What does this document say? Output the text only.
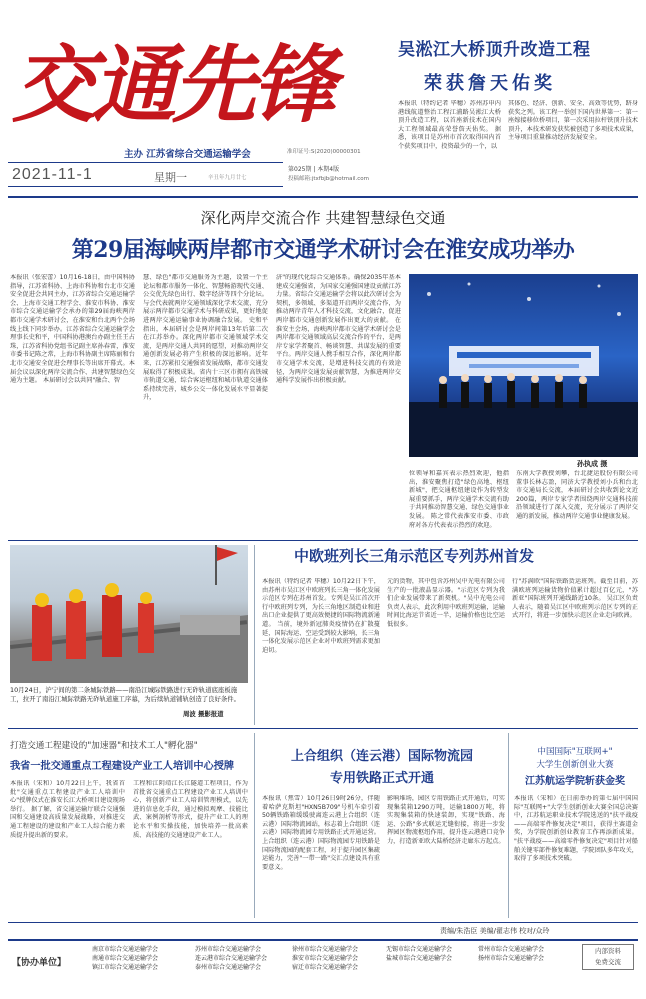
交通先锋
主办 江苏省综合交通运输学会	准印证号:S(2020)00000301
第025期 | 本期4版
投稿邮箱:jtxfbjb@hotmail.com
2021-11-1	星期一	辛丑年九月廿七
吴淞江大桥顶升改造工程
荣获詹天佑奖
本报讯（特约记者 毕穗）苏州苏申内港线航道整治工程江浦路吴淞江大桥顶升改造工程，以首座新技术在国内大工程领域最高荣誉詹天佑奖。 据悉，该项目是苏州市首次取得国内首个获奖项目中，投资最少的一个，以
其体色、经济、创新、安全、高效等优势，跻身获奖之列。该工程一举创下国内世界第一：第一座嫁接移位桥项目，第一次采用拉杆铁顶升技术顶升，本技术研发获奖被创造了多项技术成果，主导项目重量推动经济发展安全。
深化两岸交流合作 共建智慧绿色交通
第29届海峡两岸都市交通学术研讨会在淮安成功举办
本报讯（张宏蕾）10月16-18日，由中国科协指导，江苏省科协、上海市科协和台北市交通安全促进会共同主办，江苏省综合交通运输学会、上海市交通工程学会、淮安市科协、淮安市综合交通运输学会承办的第29届海峡两岸都市交通学术研讨会，在淮安和台北两个会场线上线下同步举办。江苏省综合交通运输学会理事长史和平，中国科协港澳台办副主任王占珠，江苏省科协党组书记副主席孙春雷，淮安市委书记陈之常，上海市科协副主席陈丽和台北市交通安全促进会理事长等出席开幕式。本届会议以深化两岸交流合作、共建智慧绿色交通为主题。 本届研讨会以共同"融合、智
慧、绿色"都市交通服务为主题，设置一个主论坛和都市服务一体化、智慧畅游现代交通、公交优先绿色出行、数字经济等四个分论坛。与会代表就两岸交通领域深化学术交流，充分展示两岸都市交通学术与科研成果，更好地促进两岸交通运输事业协调融合发展。 史和平指出，本届研讨会是两岸间第13年后第二次在江苏举办。深化两岸都市交通领域学术交流，是两岸交通人共同的愿望，对推动两岸交通创新发展必将产生积极的深远影响。近年来，江苏紧扣交通强省发展战略，都市交通发展取得了积极成果。省内十三区市拥有高铁城市轨道交通，综合客运枢纽和城市轨道交通体系持续完善，城乡公交一体化发展水平显著提升，
济"的现代化综合交通体系。确保2035年基本建成交通强省，为国家交通强国建设贡献江苏力量。省综合交通运输学会将以此次研讨会为契机，多领域、多渠道开启两岸交流合作，为推动两岸青年人才科技交流，文化融合，促进两岸都市交通创新发展作出更大的贡献。 在淮安主会场，海峡两岸都市交通学术研讨会是两岸都市交通领域高层交流合作的平台，是两岸专家学者聚首、畅谈智慧、共谋发展的重要平台。两岸交通人携手相互合作，深化两岸都市交通学术交流，是增进科技交流的有效途径，为两岸交通发展贡献智慧，为推进两岸交通科学发展作出积极贡献。
孙执成 摄
位领导和嘉宾表示热烈欢迎，他指出，淮安聚焦打造"绿色高地、枢纽新城"，把交通枢纽建设作为转型发展重要抓手，两岸交通学术交流有助于共同推动智慧交通、绿色交通事业发展。 陈之常代表淮安市委、市政府对各方代表表示热烈的欢迎。
东南大学教授刘攀，台北捷运股份有限公司董事长林志盈，同济大学教授刘小兵和台北市交通局长交流，本届研讨会共收到论文近200篇，两岸专家学者围绕两岸交通科技前沿领域进行了深入交流，充分展示了两岸交通的新发展，推动两岸交通事业健康发展。
10月24日，沪宁间的第二条城际铁路——南沿江城际铁路进行无砟轨道底座板施工，拉开了南沿江城际铁路无砟轨道施工序幕，为后续轨道铺轨创造了良好条件。
周波 摄影报道
中欧班列长三角示范区专列苏州首发
本报讯（特约记者 毕穗）10月22日下午，由苏州市吴江区中欧班列长三角一体化发展示范区专列在苏州首发。专列是吴江首次开行中欧班列专列，为长三角地区制造业和进出口企业提供了更高效便捷的国际物流新通道。 当前，境外新冠肺炎疫情仍在扩散蔓延，国际海运、空运受到较大影响，长三角一体化发展示范区企业对中欧班列需求更加迫切。
元的货物，其中包含苏州吴中光电有限公司生产的一批液晶显示器。"示范区专列为我们企业发展带来了新契机。"吴中光电公司负责人表示，此次利用中欧班列运输，运输时间比海运节省近一半，运输价格也比空运低很多。
行"苏满欧"国际铁路货运班列。截至目前，苏满欧班列运输货物价值累计超过百亿元，"苏新亚"国际班列开通线路近10条。 吴江区负责人表示，随着吴江区中欧班列示范区专列的正式开行，将进一步加快示范区企业走向欧洲。
打造交通工程建设的"加速器"和技术工人"孵化器"
我省一批交通重点工程建设产业工人培训中心授牌
本报讯（宋和）10月22日上午，我省首批"交通重点工程建设产业工人培训中心"授牌仪式在淮安长江大桥项目建设现场举行。 据了解，省交通运输厅联合交通强国和交通建设高质量发展战略，对推进交通工程建设的建设和产业工人综合能力素质提升提出新的要求。
工程和江阴靖江长江隧道工程项目，作为首批省交通重点工程建设产业工人培训中心，将创新产业工人培训管理模式，以先进的信息化手段，通过模拟观摩、技能比武、案例剖析等形式，提升产业工人的理论水平和实操技能，加快培养一批高素质、高技能的交通建设产业工人。
上合组织（连云港）国际物流园
专用铁路正式开通
本报讯（焦雪）10月26日9时26分，伴随着哈萨克斯坦"HXN5B709"号机车牵引着50辆铁路箱缓缓驶离连云港上合组织（连云港）国际物流园站，标志着上合组织（连云港）国际物流园专用铁路正式开通运营。 上合组织（连云港）国际物流园专用铁路是国际物流园的配套工程，对于提升园区集疏运能力，完善"一带一路"交汇点建设具有重要意义。
影响堆场，园区专用铁路正式开通后，可实现集装箱1290万吨，运输1800万吨，将实现集装箱的快速装卸，实现"铁路、海运、公路"多式联运无缝衔接，将进一步发挥园区物流枢纽作用，提升连云港港口竞争力，打造新亚欧大陆桥经济走廊东方起点。
中国国际"互联网+"
大学生创新创业大赛
江苏航运学院斩获金奖
本报讯（宋和）在日前举办的第七届中国国际"互联网+"大学生创新创业大赛全国总决赛中，江苏航运职业技术学院选送的"扶平战疫——高端零件修复决定"项目，获得主赛道金奖，为学院创新创业教育工作再添新成果。 "扶平战疫——高端零件修复决定"项目针对船舶关键零部件修复难题，学院团队多年攻关，取得了多项技术突破。
责编/朱浩臣 美编/翟志伟 校对/众玲
【协办单位】
南京市综合交通运输学会
南通市综合交通运输学会
镇江市综合交通运输学会
苏州市综合交通运输学会
连云港市综合交通运输学会
泰州市综合交通运输学会
徐州市综合交通运输学会
淮安市综合交通运输学会
宿迁市综合交通运输学会
无锡市综合交通运输学会
盐城市综合交通运输学会
常州市综合交通运输学会
扬州市综合交通运输学会
内部资料
免费交流
